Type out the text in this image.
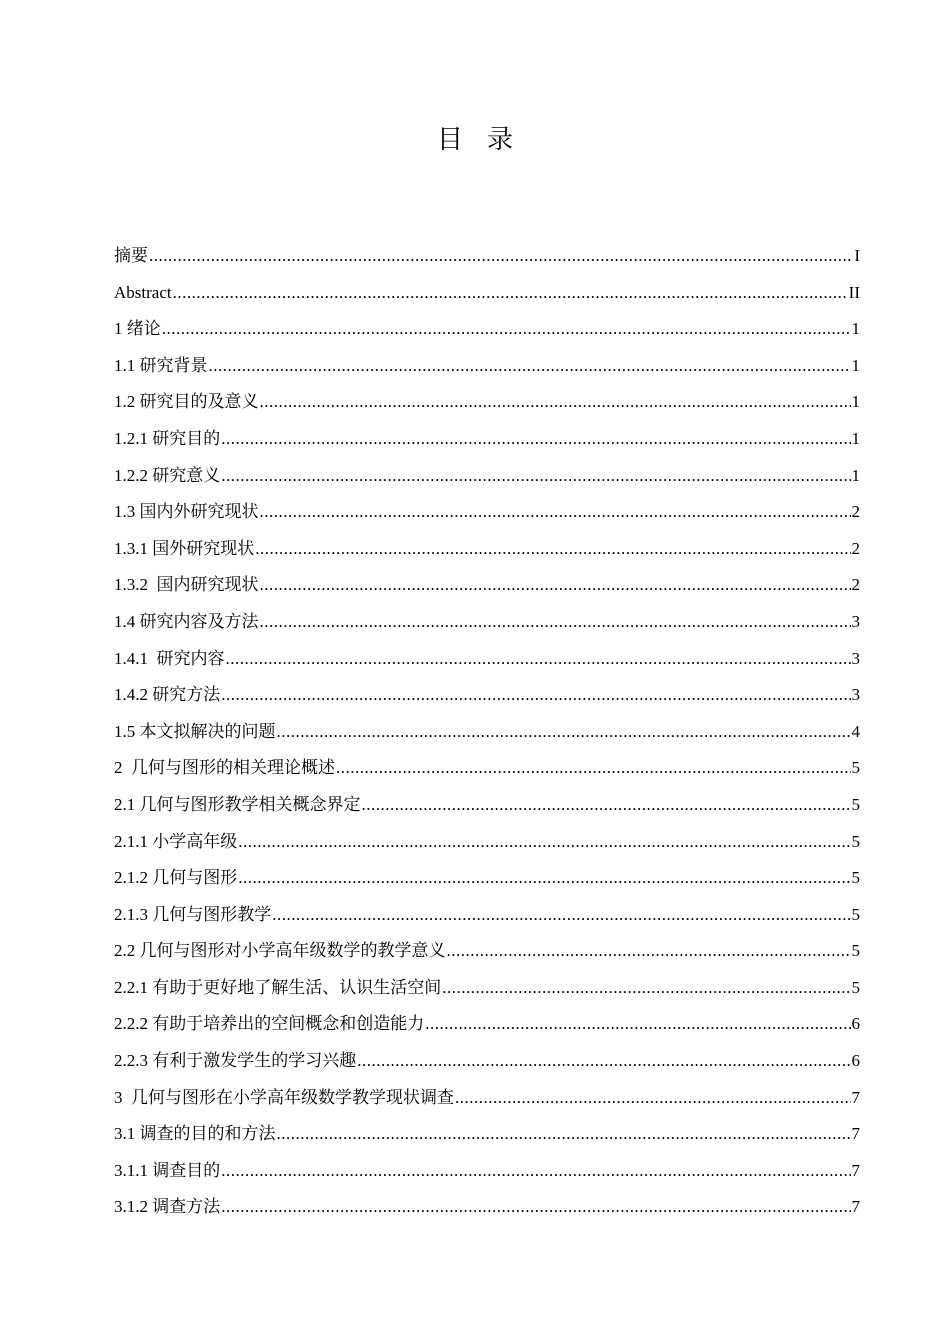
目录
摘要 .....	I
Abstract .....	II
1 绪论 .....	1
1.1 研究背景 .....	1
1.2 研究目的及意义 .....	1
1.2.1 研究目的 .....	1
1.2.2 研究意义 .....	1
1.3 国内外研究现状 .....	2
1.3.1 国外研究现状 .....	2
1.3.2  国内研究现状 .....	2
1.4 研究内容及方法 .....	3
1.4.1  研究内容 .....	3
1.4.2 研究方法 .....	3
1.5 本文拟解决的问题 .....	4
2  几何与图形的相关理论概述 .....	5
2.1 几何与图形教学相关概念界定 .....	5
2.1.1 小学高年级 .....	5
2.1.2 几何与图形 .....	5
2.1.3 几何与图形教学 .....	5
2.2 几何与图形对小学高年级数学的教学意义 .....	5
2.2.1 有助于更好地了解生活、认识生活空间 .....	5
2.2.2 有助于培养出的空间概念和创造能力 .....	6
2.2.3 有利于激发学生的学习兴趣 .....	6
3  几何与图形在小学高年级数学教学现状调查 .....	7
3.1 调查的目的和方法 .....	7
3.1.1 调查目的 .....	7
3.1.2 调查方法 .....	7
